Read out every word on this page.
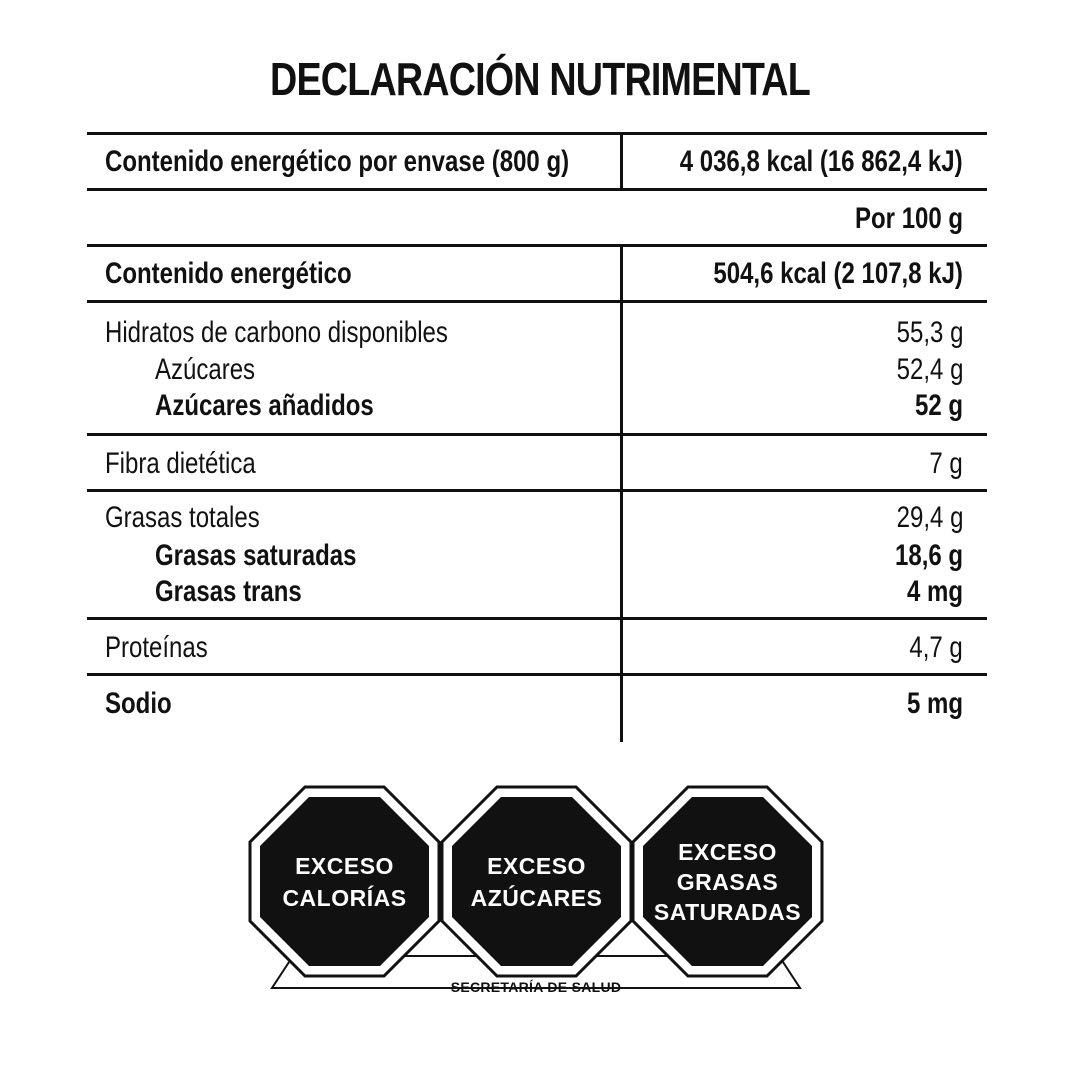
DECLARACIÓN NUTRIMENTAL
Contenido energético por envase (800 g)	4 036,8 kcal (16 862,4 kJ)
Por 100 g
Contenido energético	504,6 kcal (2 107,8 kJ)
Hidratos de carbono disponibles	55,3 g
Azúcares	52,4 g
Azúcares añadidos	52 g
Fibra dietética	7 g
Grasas totales	29,4 g
Grasas saturadas	18,6 g
Grasas trans	4 mg
Proteínas	4,7 g
Sodio	5 mg
EXCESO
CALORÍAS
EXCESO
AZÚCARES
EXCESO
GRASAS
SATURADAS
SECRETARÍA DE SALUD
